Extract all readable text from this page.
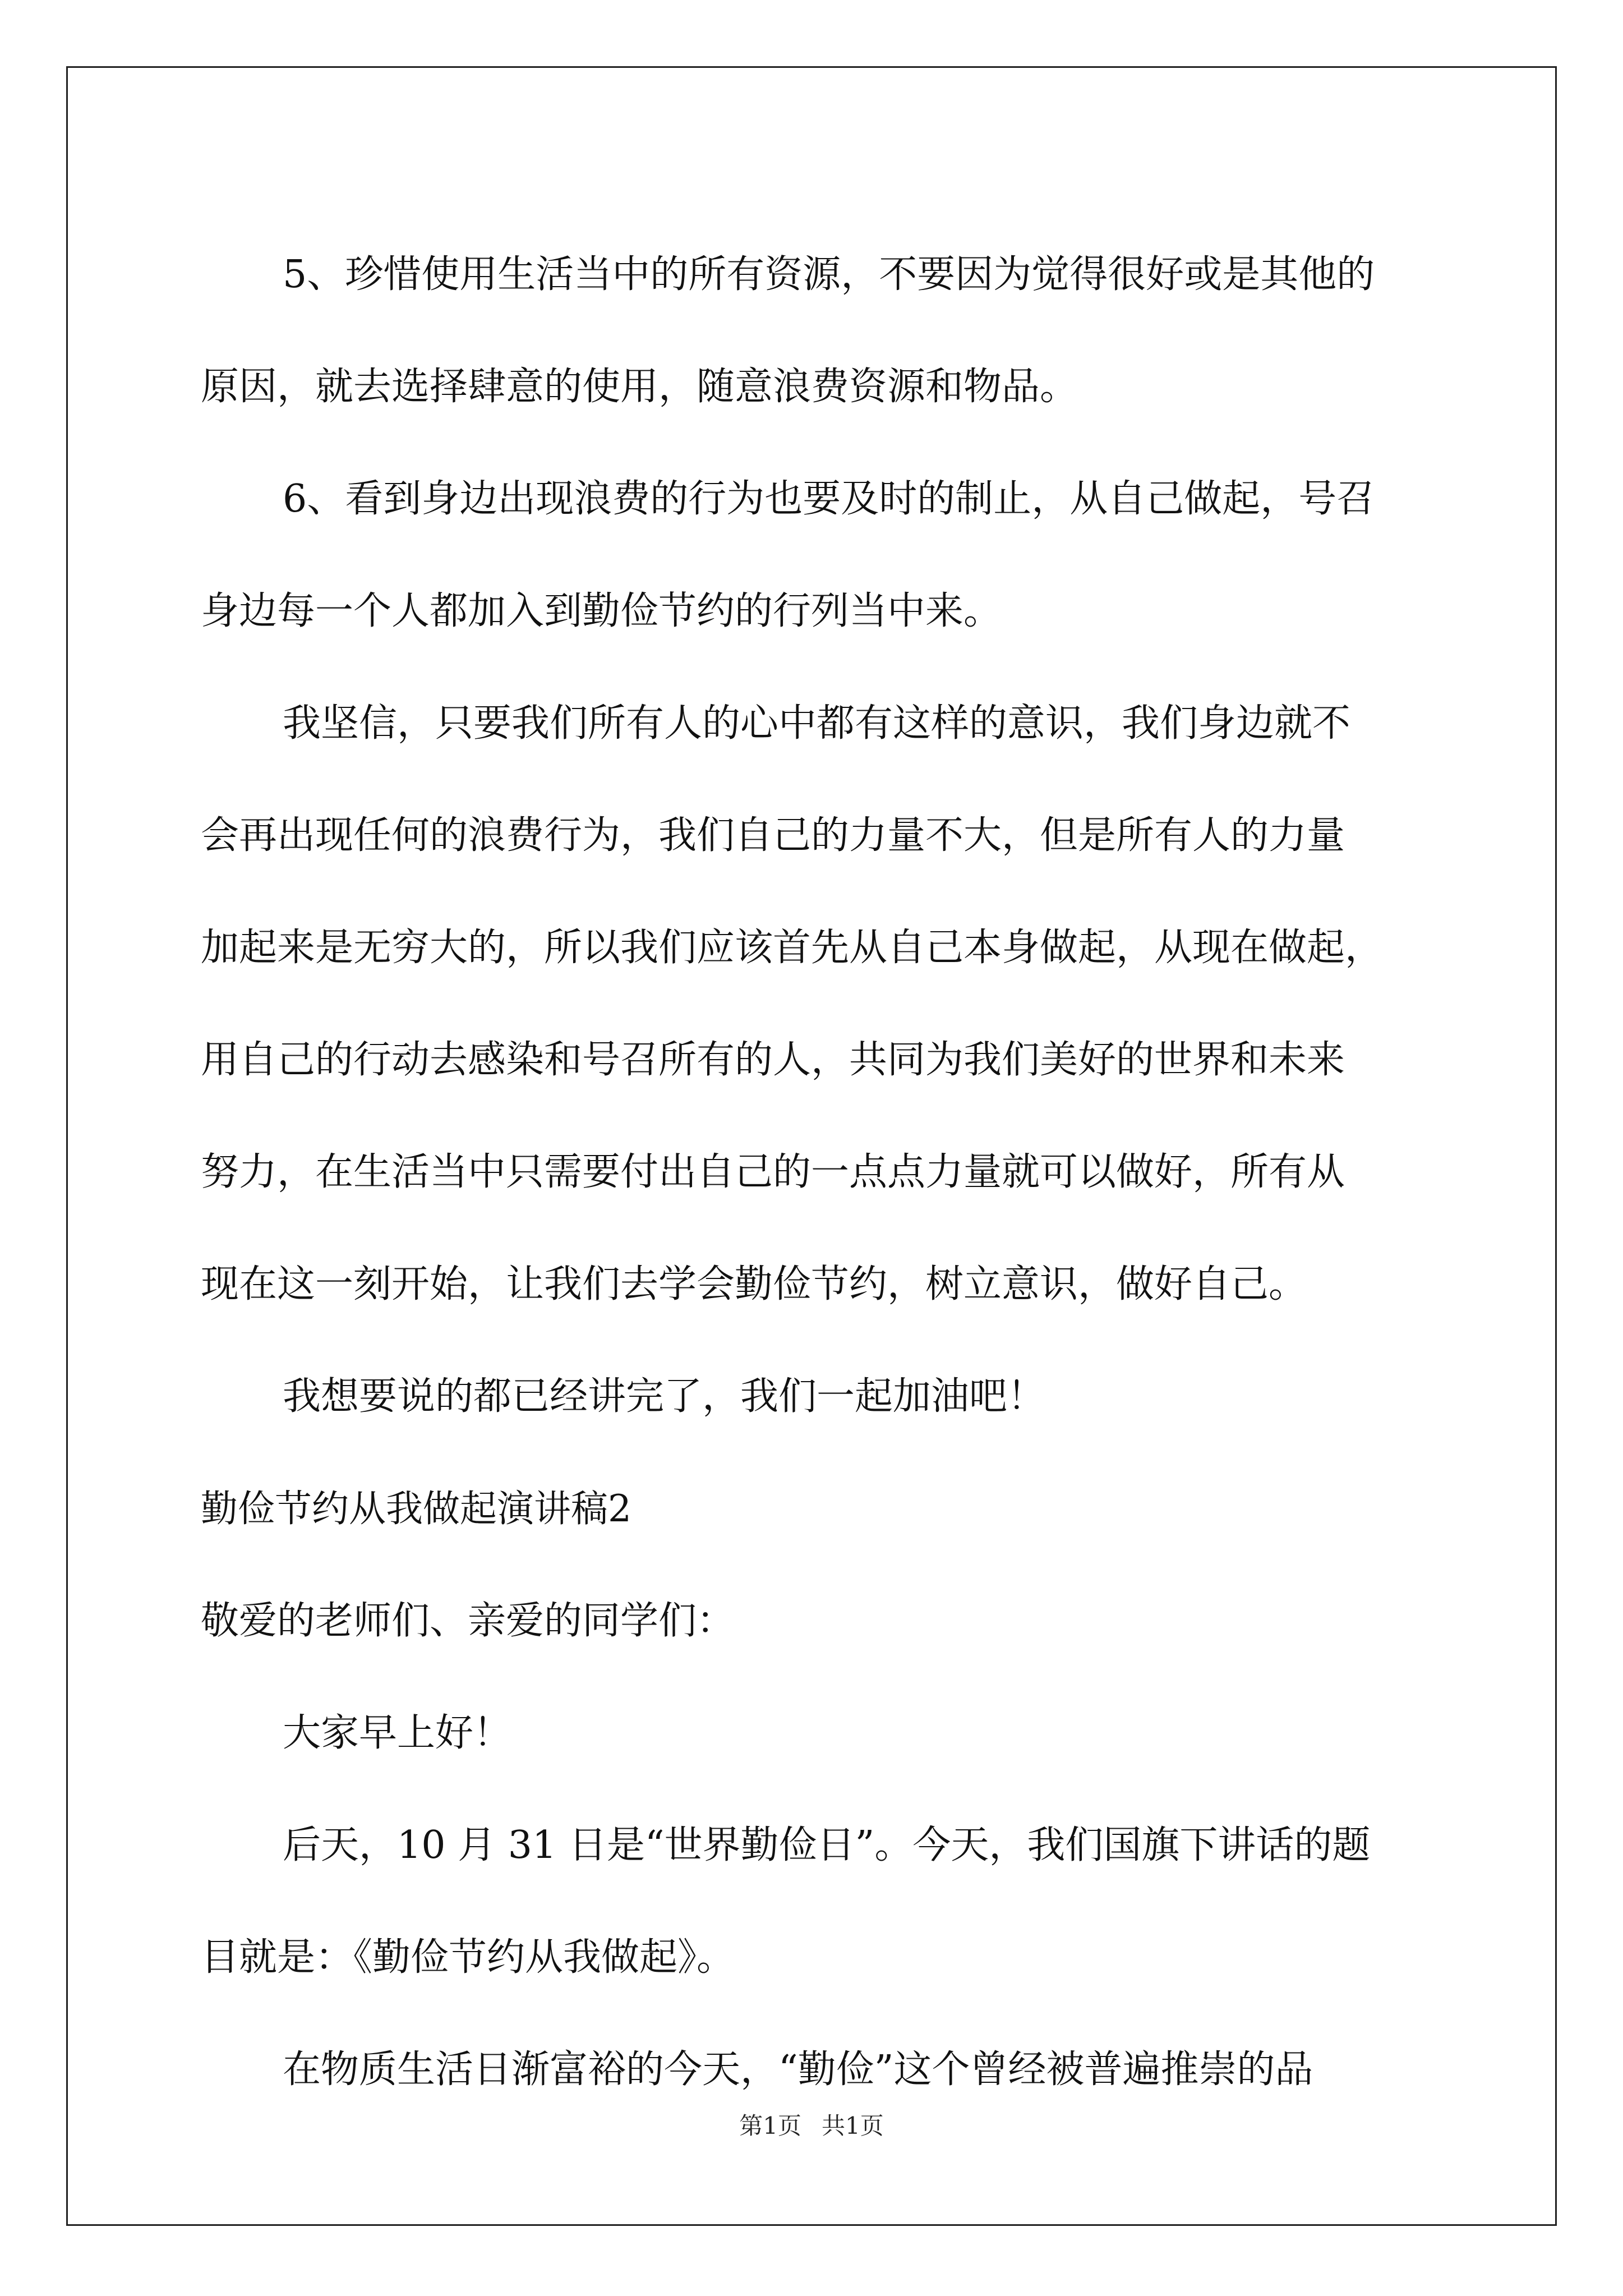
5、珍惜使用生活当中的所有资源，不要因为觉得很好或是其他的

原因，就去选择肆意的使用，随意浪费资源和物品。

6、看到身边出现浪费的行为也要及时的制止，从自己做起，号召

身边每一个人都加入到勤俭节约的行列当中来。

我坚信，只要我们所有人的心中都有这样的意识，我们身边就不

会再出现任何的浪费行为，我们自己的力量不大，但是所有人的力量

加起来是无穷大的，所以我们应该首先从自己本身做起，从现在做起，

用自己的行动去感染和号召所有的人，共同为我们美好的世界和未来

努力，在生活当中只需要付出自己的一点点力量就可以做好，所有从

现在这一刻开始，让我们去学会勤俭节约，树立意识，做好自己。

我想要说的都已经讲完了，我们一起加油吧！

勤俭节约从我做起演讲稿2

敬爱的老师们、亲爱的同学们：

大家早上好！

后天，10 月 31 日是“世界勤俭日”。今天，我们国旗下讲话的题

目就是：《勤俭节约从我做起》。

在物质生活日渐富裕的今天，“勤俭”这个曾经被普遍推崇的品

第1页 共1页
